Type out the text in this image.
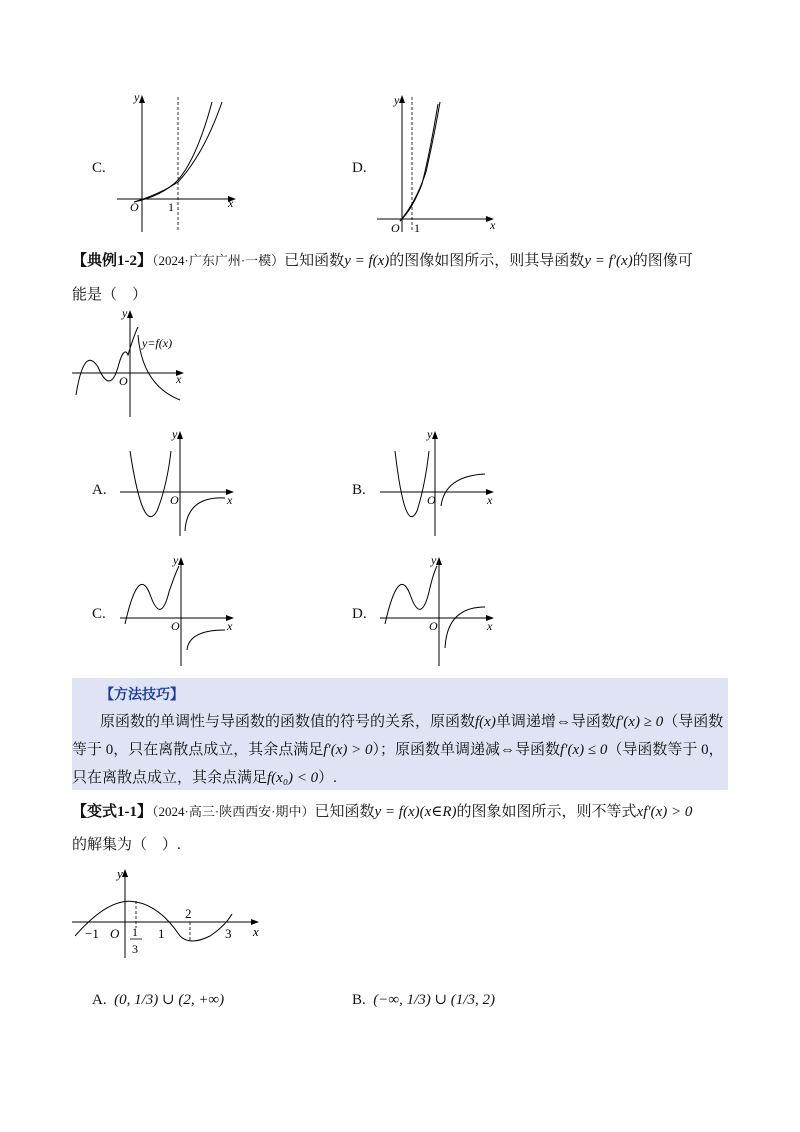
C.
y
x
O 1
D.
y
x
O 1
【典例1-2】（2024·广东广州·一模）已知函数y = f(x)的图像如图所示，则其导函数y = f′(x)的图像可
能是（　）
y
x
O
y=f(x)
A.
y
x
O
B.
y
x
O
C.
y
x
O
D.
y
x
O
【方法技巧】
原函数的单调性与导函数的函数值的符号的关系，原函数f(x)单调递增⇔导函数f′(x) ≥ 0（导函数
等于 0，只在离散点成立，其余点满足f′(x) > 0）；原函数单调递减⇔导函数f′(x) ≤ 0（导函数等于 0，
只在离散点成立，其余点满足f(x₀) < 0）.
【变式1-1】（2024·高三·陕西西安·期中）已知函数y = f(x)(x∈R)的图象如图所示，则不等式xf′(x) > 0
的解集为（　）.
y
x
−1 O 1
3
1
2
3
A. (0, 1/3) ∪ (2, +∞)	B. (−∞, 1/3) ∪ (1/3, 2)
